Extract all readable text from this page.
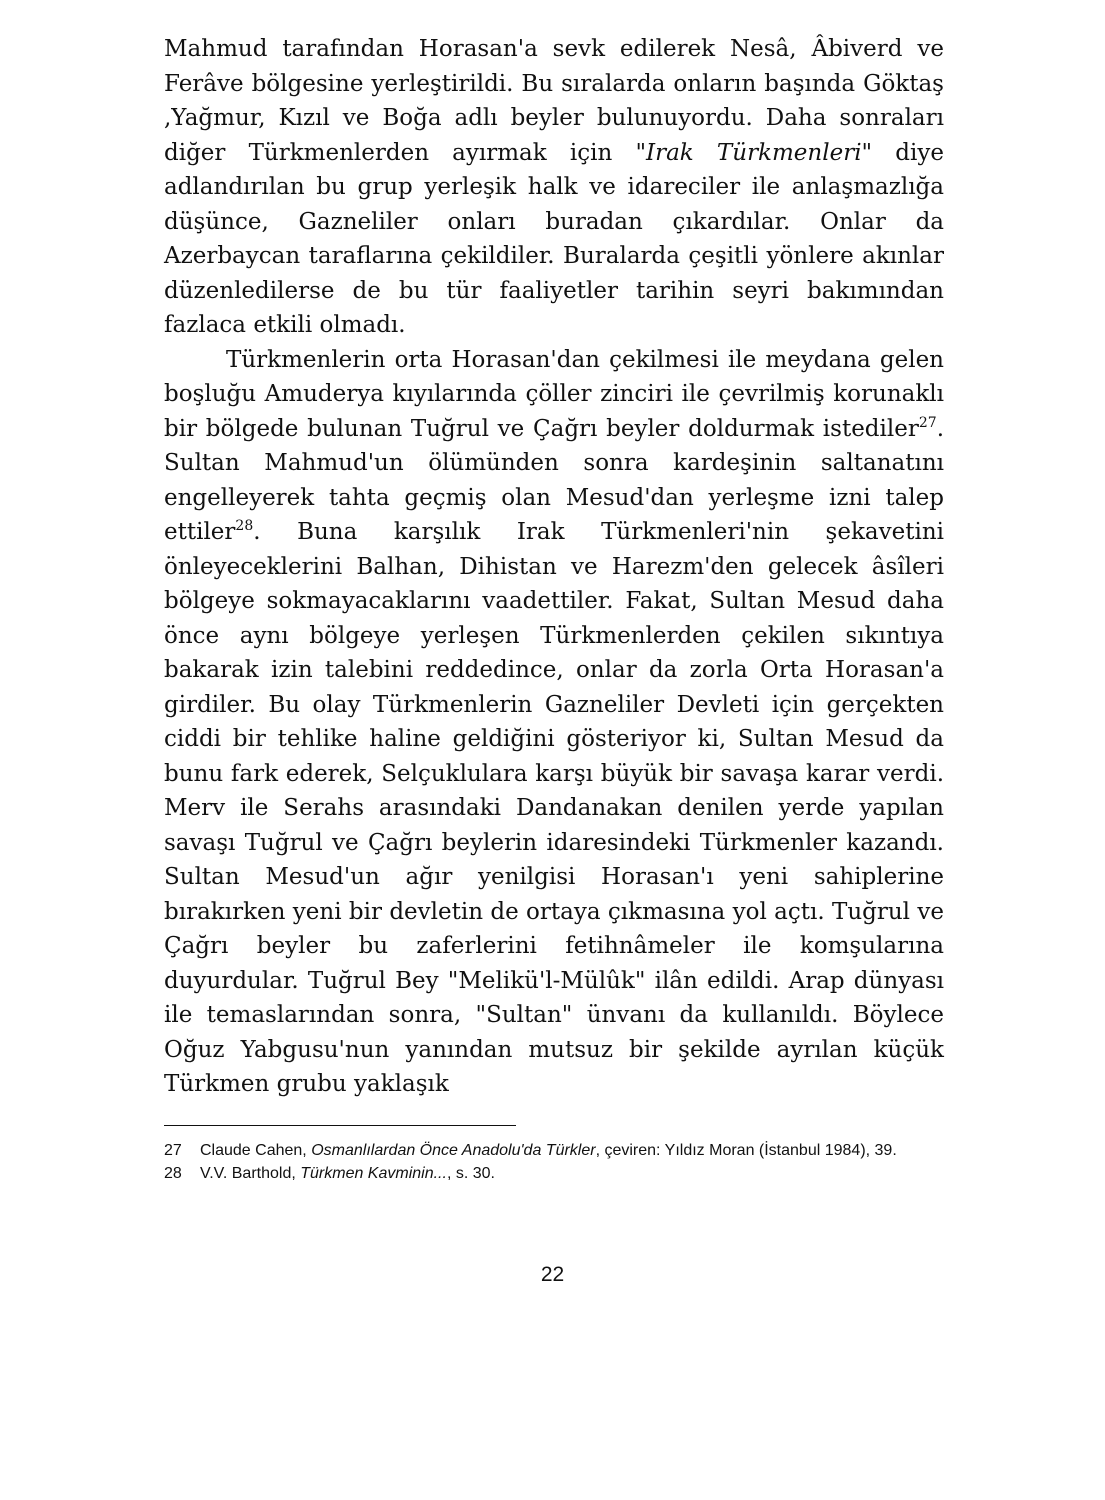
Mahmud tarafından Horasan'a sevk edilerek Nesâ, Âbiverd ve Ferâve bölgesine yerleştirildi. Bu sıralarda onların başında Göktaş ,Yağmur, Kızıl ve Boğa adlı beyler bulunuyordu. Daha sonraları diğer Türkmenlerden ayırmak için "Irak Türkmenleri" diye adlandırılan bu grup yerleşik halk ve idareciler ile anlaşmazlığa düşünce, Gazneliler onları buradan çıkardılar. Onlar da Azerbaycan taraflarına çekildiler. Buralarda çeşitli yönlere akınlar düzenledilerse de bu tür faaliyetler tarihin seyri bakımından fazlaca etkili olmadı.

Türkmenlerin orta Horasan'dan çekilmesi ile meydana gelen boşluğu Amuderya kıyılarında çöller zinciri ile çevrilmiş korunaklı bir bölgede bulunan Tuğrul ve Çağrı beyler doldurmak istediler$^{27}$. Sultan Mahmud'un ölümünden sonra kardeşinin saltanatını engelleyerek tahta geçmiş olan Mesud'dan yerleşme izni talep ettiler$^{28}$. Buna karşılık Irak Türkmenleri'nin şekavetini önleyeceklerini Balhan, Dihistan ve Harezm'den gelecek âsîleri bölgeye sokmayacaklarını vaadettiler. Fakat, Sultan Mesud daha önce aynı bölgeye yerleşen Türkmenlerden çekilen sıkıntıya bakarak izin talebini reddedince, onlar da zorla Orta Horasan'a girdiler. Bu olay Türkmenlerin Gazneliler Devleti için gerçekten ciddi bir tehlike haline geldiğini gösteriyor ki, Sultan Mesud da bunu fark ederek, Selçuklulara karşı büyük bir savaşa karar verdi. Merv ile Serahs arasındaki Dandanakan denilen yerde yapılan savaşı Tuğrul ve Çağrı beylerin idaresindeki Türkmenler kazandı. Sultan Mesud'un ağır yenilgisi Horasan'ı yeni sahiplerine bırakırken yeni bir devletin de ortaya çıkmasına yol açtı. Tuğrul ve Çağrı beyler bu zaferlerini fetihnâmeler ile komşularına duyurdular. Tuğrul Bey "Melikü'l-Mülûk" ilân edildi. Arap dünyası ile temaslarından sonra, "Sultan" ünvanı da kullanıldı. Böylece Oğuz Yabgusu'nun yanından mutsuz bir şekilde ayrılan küçük Türkmen grubu yaklaşık

27	Claude Cahen, Osmanlılardan Önce Anadolu'da Türkler, çeviren: Yıldız Moran (İstanbul 1984), 39.
28	V.V. Barthold, Türkmen Kavminin..., s. 30.
22
